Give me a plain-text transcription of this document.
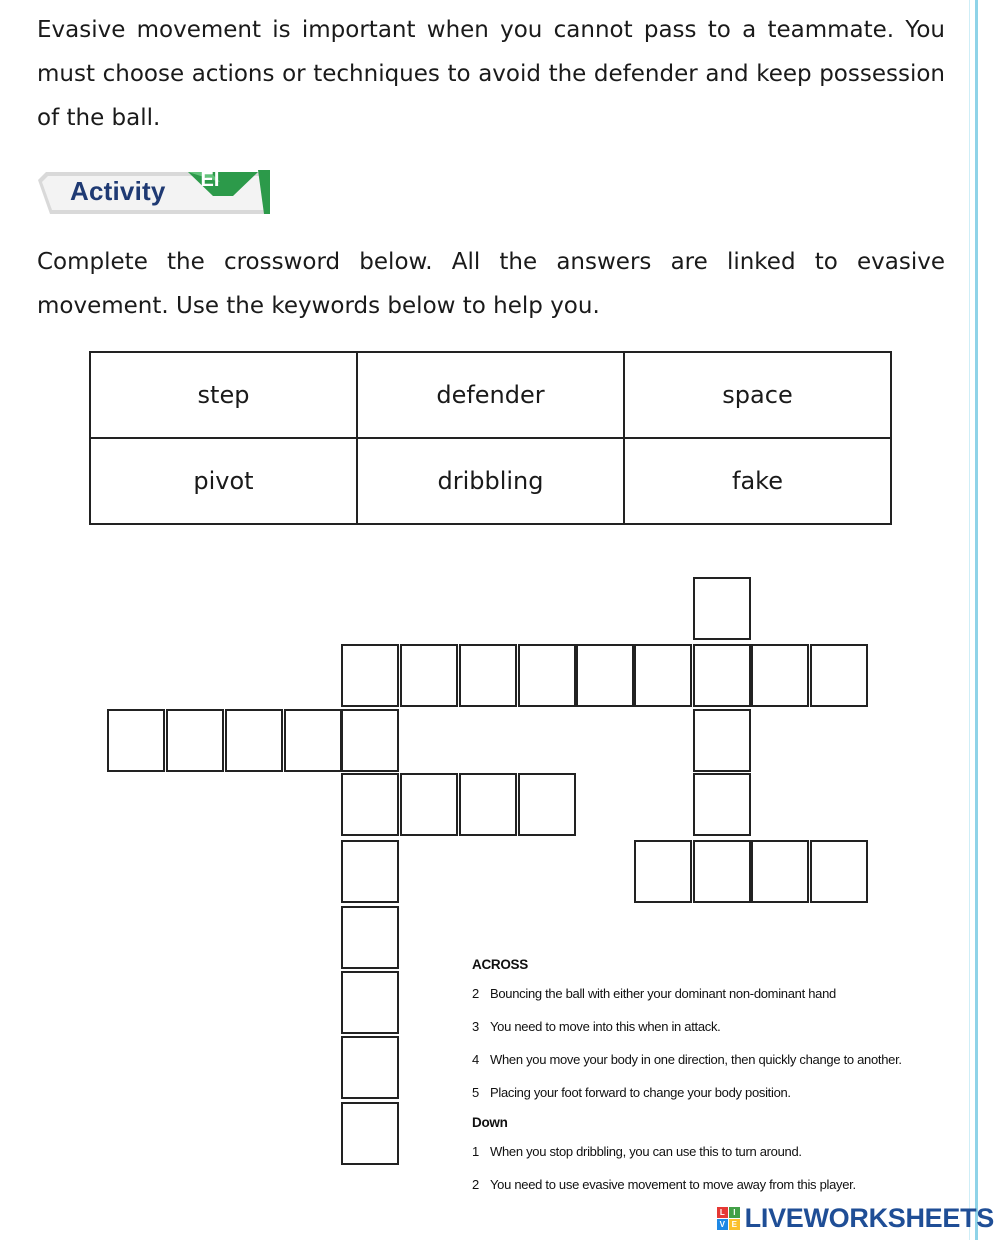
Evasive movement is important when you cannot pass to a teammate. You must choose actions or techniques to avoid the defender and keep possession of the ball.

Activity EI

Complete the crossword below. All the answers are linked to evasive movement. Use the keywords below to help you.

step	defender	space
pivot	dribbling	fake
ACROSS
2 Bouncing the ball with either your dominant non-dominant hand
3 You need to move into this when in attack.
4 When you move your body in one direction, then quickly change to another.
5 Placing your foot forward to change your body position.
Down
1 When you stop dribbling, you can use this to turn around.
2 You need to use evasive movement to move away from this player.
L	I
V E LIVEWORKSHEETS
